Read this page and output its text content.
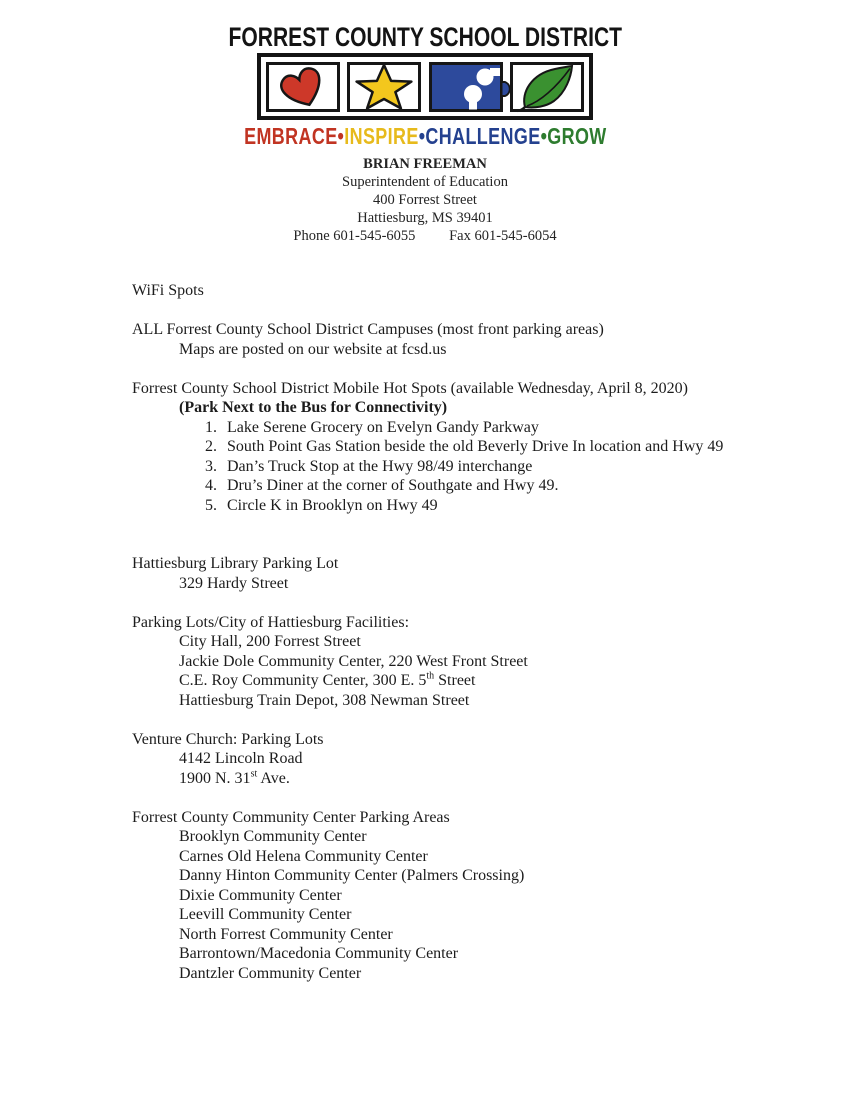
FORREST COUNTY SCHOOL DISTRICT
EMBRACE•INSPIRE•CHALLENGE•GROW
BRIAN FREEMAN
Superintendent of Education
400 Forrest Street
Hattiesburg, MS 39401
Phone 601-545-6055 Fax 601-545-6054
WiFi Spots

ALL Forrest County School District Campuses (most front parking areas)
Maps are posted on our website at fcsd.us

Forrest County School District Mobile Hot Spots (available Wednesday, April 8, 2020)
(Park Next to the Bus for Connectivity)
1. Lake Serene Grocery on Evelyn Gandy Parkway
2. South Point Gas Station beside the old Beverly Drive In location and Hwy 49
3. Dan’s Truck Stop at the Hwy 98/49 interchange
4. Dru’s Diner at the corner of Southgate and Hwy 49.
5. Circle K in Brooklyn on Hwy 49

Hattiesburg Library Parking Lot
329 Hardy Street

Parking Lots/City of Hattiesburg Facilities:
City Hall, 200 Forrest Street
Jackie Dole Community Center, 220 West Front Street
C.E. Roy Community Center, 300 E. 5th Street
Hattiesburg Train Depot, 308 Newman Street

Venture Church: Parking Lots
4142 Lincoln Road
1900 N. 31st Ave.

Forrest County Community Center Parking Areas
Brooklyn Community Center
Carnes Old Helena Community Center
Danny Hinton Community Center (Palmers Crossing)
Dixie Community Center
Leevill Community Center
North Forrest Community Center
Barrontown/Macedonia Community Center
Dantzler Community Center
